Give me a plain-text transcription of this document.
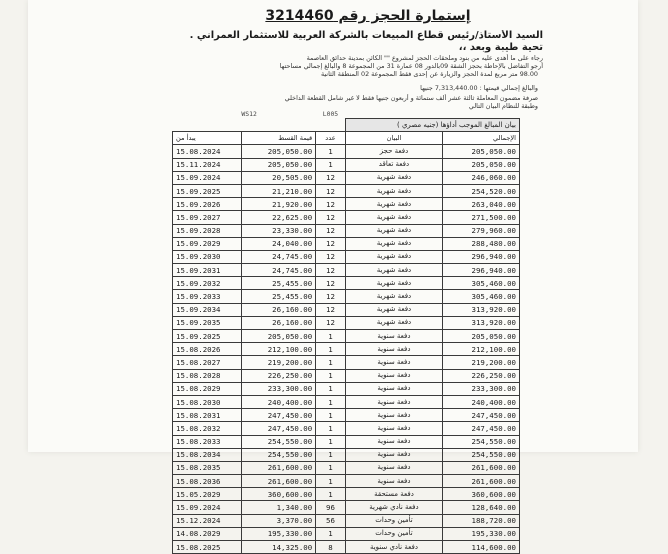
إستمارة الحجز رقم 3214460
السيد الأستاذ/رئيس قطاع المبيعات بالشركة العربية للاستثمار العمراني .
تحية طيبة وبعد ،،
رجاء على ما أهدى عليه من بنود وملحقات الحجز لمشروع "" الكائن بمدينة حدائق العاصمة
أرجو التفاضل بالإحاطة بحجز الشقة 09بالدور 08 عمارة 31 من المجموعة 8 والبالغ إجمالي مساحتها
98.00 متر مربع لمدة الحجز والزيارة عن إحدى فقط المجموعة 02 المنطقة الثانية
والبالغ إجمالي قيمتها : 7,313,440.00 جنيها
صرفة مضمون المعاملة ثالثة عشر ألف ستمائة و أربعون جنيها فقط لا غير شامل القطعة الداخلي
وطبقة للنظام البيان التالي
	WS12	L005		
			بيان المبالغ الموجب أداؤها (جنيه مصري )	
يبدأ من	قيمة القسط	عدد	البيان	الإجمالي
15.08.2024	205,050.00	1	دفعة حجز	205,050.00
15.11.2024	205,050.00	1	دفعة تعاقد	205,050.00
15.09.2024	20,505.00	12	دفعة شهرية	246,060.00
15.09.2025	21,210.00	12	دفعة شهرية	254,520.00
15.09.2026	21,920.00	12	دفعة شهرية	263,040.00
15.09.2027	22,625.00	12	دفعة شهرية	271,500.00
15.09.2028	23,330.00	12	دفعة شهرية	279,960.00
15.09.2029	24,040.00	12	دفعة شهرية	288,480.00
15.09.2030	24,745.00	12	دفعة شهرية	296,940.00
15.09.2031	24,745.00	12	دفعة شهرية	296,940.00
15.09.2032	25,455.00	12	دفعة شهرية	305,460.00
15.09.2033	25,455.00	12	دفعة شهرية	305,460.00
15.09.2034	26,160.00	12	دفعة شهرية	313,920.00
15.09.2035	26,160.00	12	دفعة شهرية	313,920.00
15.09.2025	205,050.00	1	دفعة سنوية	205,050.00
15.08.2026	212,100.00	1	دفعة سنوية	212,100.00
15.08.2027	219,200.00	1	دفعة سنوية	219,200.00
15.08.2028	226,250.00	1	دفعة سنوية	226,250.00
15.08.2029	233,300.00	1	دفعة سنوية	233,300.00
15.08.2030	240,400.00	1	دفعة سنوية	240,400.00
15.08.2031	247,450.00	1	دفعة سنوية	247,450.00
15.08.2032	247,450.00	1	دفعة سنوية	247,450.00
15.08.2033	254,550.00	1	دفعة سنوية	254,550.00
15.08.2034	254,550.00	1	دفعة سنوية	254,550.00
15.08.2035	261,600.00	1	دفعة سنوية	261,600.00
15.08.2036	261,600.00	1	دفعة سنوية	261,600.00
15.05.2029	360,600.00	1	دفعة مستحقة	360,600.00
15.09.2024	1,340.00	96	دفعة نادي شهرية	128,640.00
15.12.2024	3,370.00	56	تأمين وحدات	188,720.00
14.08.2029	195,330.00	1	تأمين وحدات	195,330.00
15.08.2025	14,325.00	8	دفعة نادي سنوية	114,600.00
